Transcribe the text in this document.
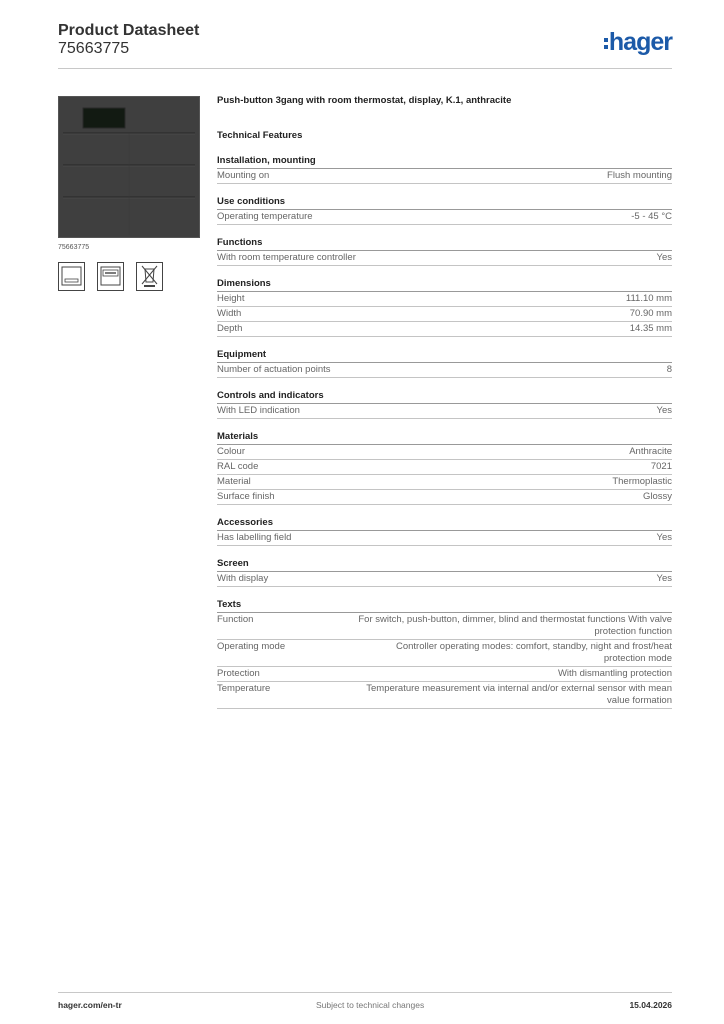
Product Datasheet
75663775	hager
75663775
Push-button 3gang with room thermostat, display, K.1, anthracite
Technical Features
Installation, mounting
Mounting on	Flush mounting
Use conditions
Operating temperature	-5 - 45 °C
Functions
With room temperature controller	Yes
Dimensions
Height	111.10 mm
Width	70.90 mm
Depth	14.35 mm
Equipment
Number of actuation points	8
Controls and indicators
With LED indication	Yes
Materials
Colour	Anthracite
RAL code	7021
Material	Thermoplastic
Surface finish	Glossy
Accessories
Has labelling field	Yes
Screen
With display	Yes
Texts
Function	For switch, push-button, dimmer, blind and thermostat functions With valve protection function
Operating mode	Controller operating modes: comfort, standby, night and frost/heat protection mode
Protection	With dismantling protection
Temperature	Temperature measurement via internal and/or external sensor with mean value formation
hager.com/en-tr	Subject to technical changes	15.04.2026
